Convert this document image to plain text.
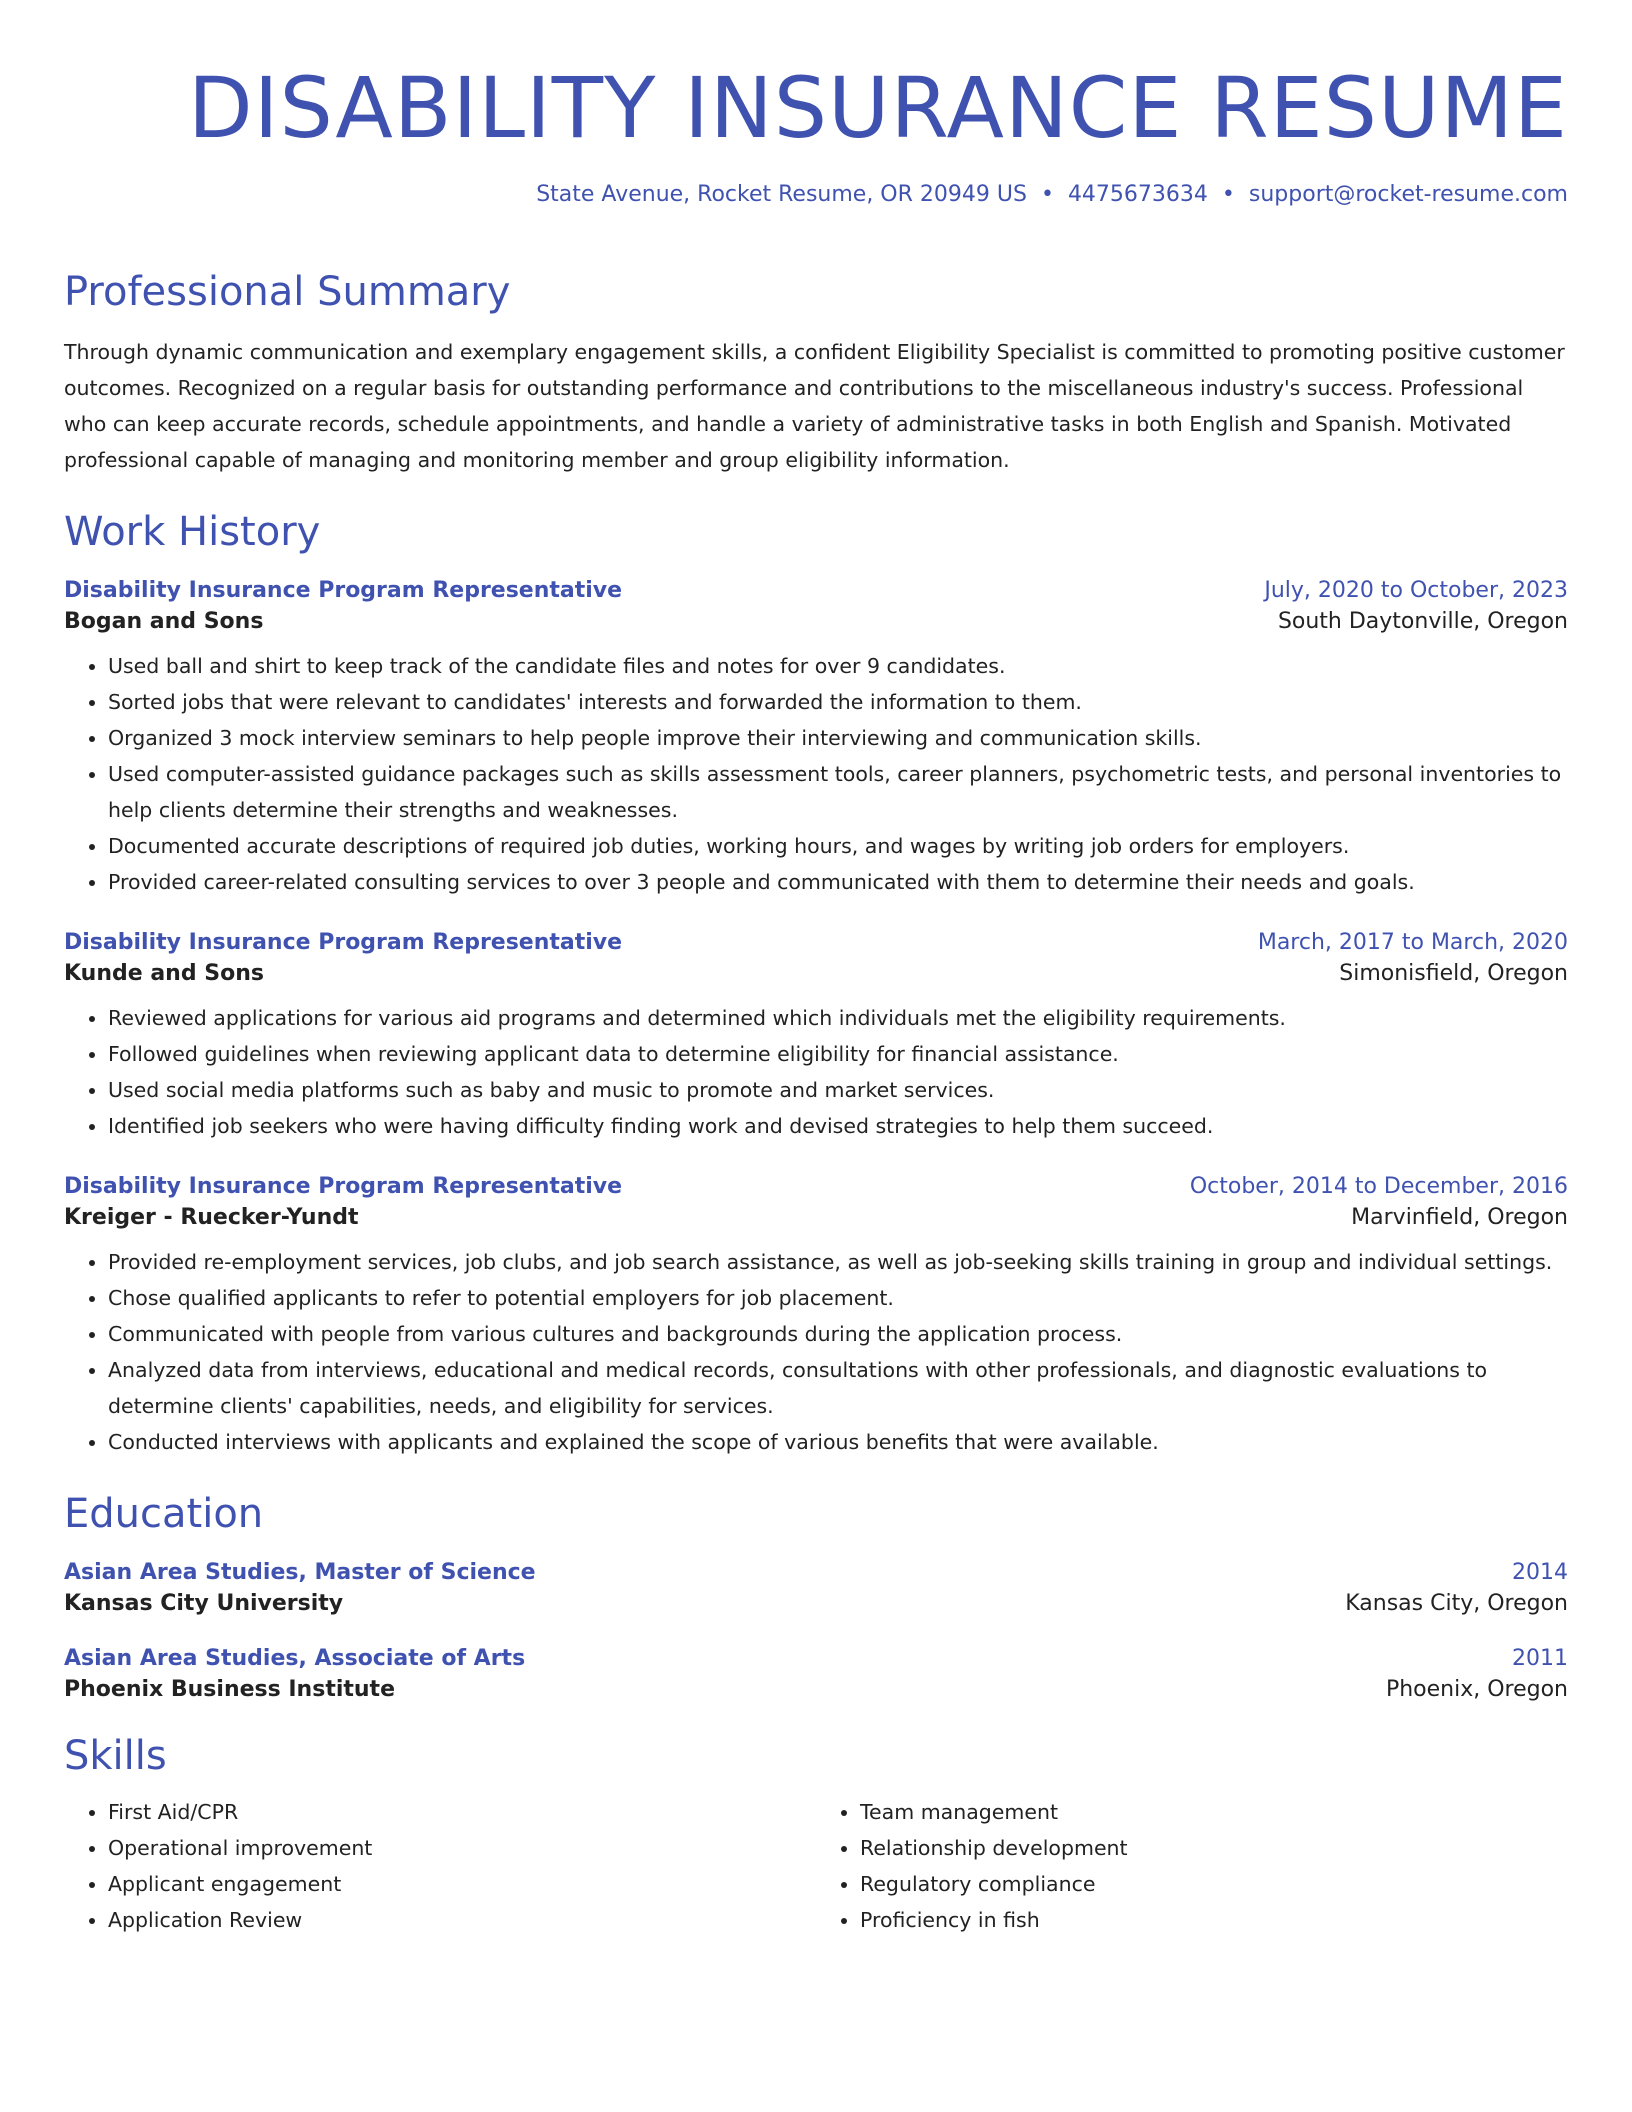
DISABILITY INSURANCE RESUME
State Avenue, Rocket Resume, OR 20949 US • 4475673634 • support@rocket-resume.com
Professional Summary
Through dynamic communication and exemplary engagement skills, a confident Eligibility Specialist is committed to promoting positive customer outcomes. Recognized on a regular basis for outstanding performance and contributions to the miscellaneous industry's success. Professional who can keep accurate records, schedule appointments, and handle a variety of administrative tasks in both English and Spanish. Motivated professional capable of managing and monitoring member and group eligibility information.
Work History
Disability Insurance Program Representative	July, 2020 to October, 2023
Bogan and Sons	South Daytonville, Oregon
• Used ball and shirt to keep track of the candidate files and notes for over 9 candidates.
• Sorted jobs that were relevant to candidates' interests and forwarded the information to them.
• Organized 3 mock interview seminars to help people improve their interviewing and communication skills.
• Used computer-assisted guidance packages such as skills assessment tools, career planners, psychometric tests, and personal inventories to help clients determine their strengths and weaknesses.
• Documented accurate descriptions of required job duties, working hours, and wages by writing job orders for employers.
• Provided career-related consulting services to over 3 people and communicated with them to determine their needs and goals.
Disability Insurance Program Representative	March, 2017 to March, 2020
Kunde and Sons	Simonisfield, Oregon
• Reviewed applications for various aid programs and determined which individuals met the eligibility requirements.
• Followed guidelines when reviewing applicant data to determine eligibility for financial assistance.
• Used social media platforms such as baby and music to promote and market services.
• Identified job seekers who were having difficulty finding work and devised strategies to help them succeed.
Disability Insurance Program Representative	October, 2014 to December, 2016
Kreiger - Ruecker-Yundt	Marvinfield, Oregon
• Provided re-employment services, job clubs, and job search assistance, as well as job-seeking skills training in group and individual settings.
• Chose qualified applicants to refer to potential employers for job placement.
• Communicated with people from various cultures and backgrounds during the application process.
• Analyzed data from interviews, educational and medical records, consultations with other professionals, and diagnostic evaluations to determine clients' capabilities, needs, and eligibility for services.
• Conducted interviews with applicants and explained the scope of various benefits that were available.
Education
Asian Area Studies, Master of Science	2014
Kansas City University	Kansas City, Oregon
Asian Area Studies, Associate of Arts	2011
Phoenix Business Institute	Phoenix, Oregon
Skills
• First Aid/CPR
• Operational improvement
• Applicant engagement
• Application Review
• Team management
• Relationship development
• Regulatory compliance
• Proficiency in fish
